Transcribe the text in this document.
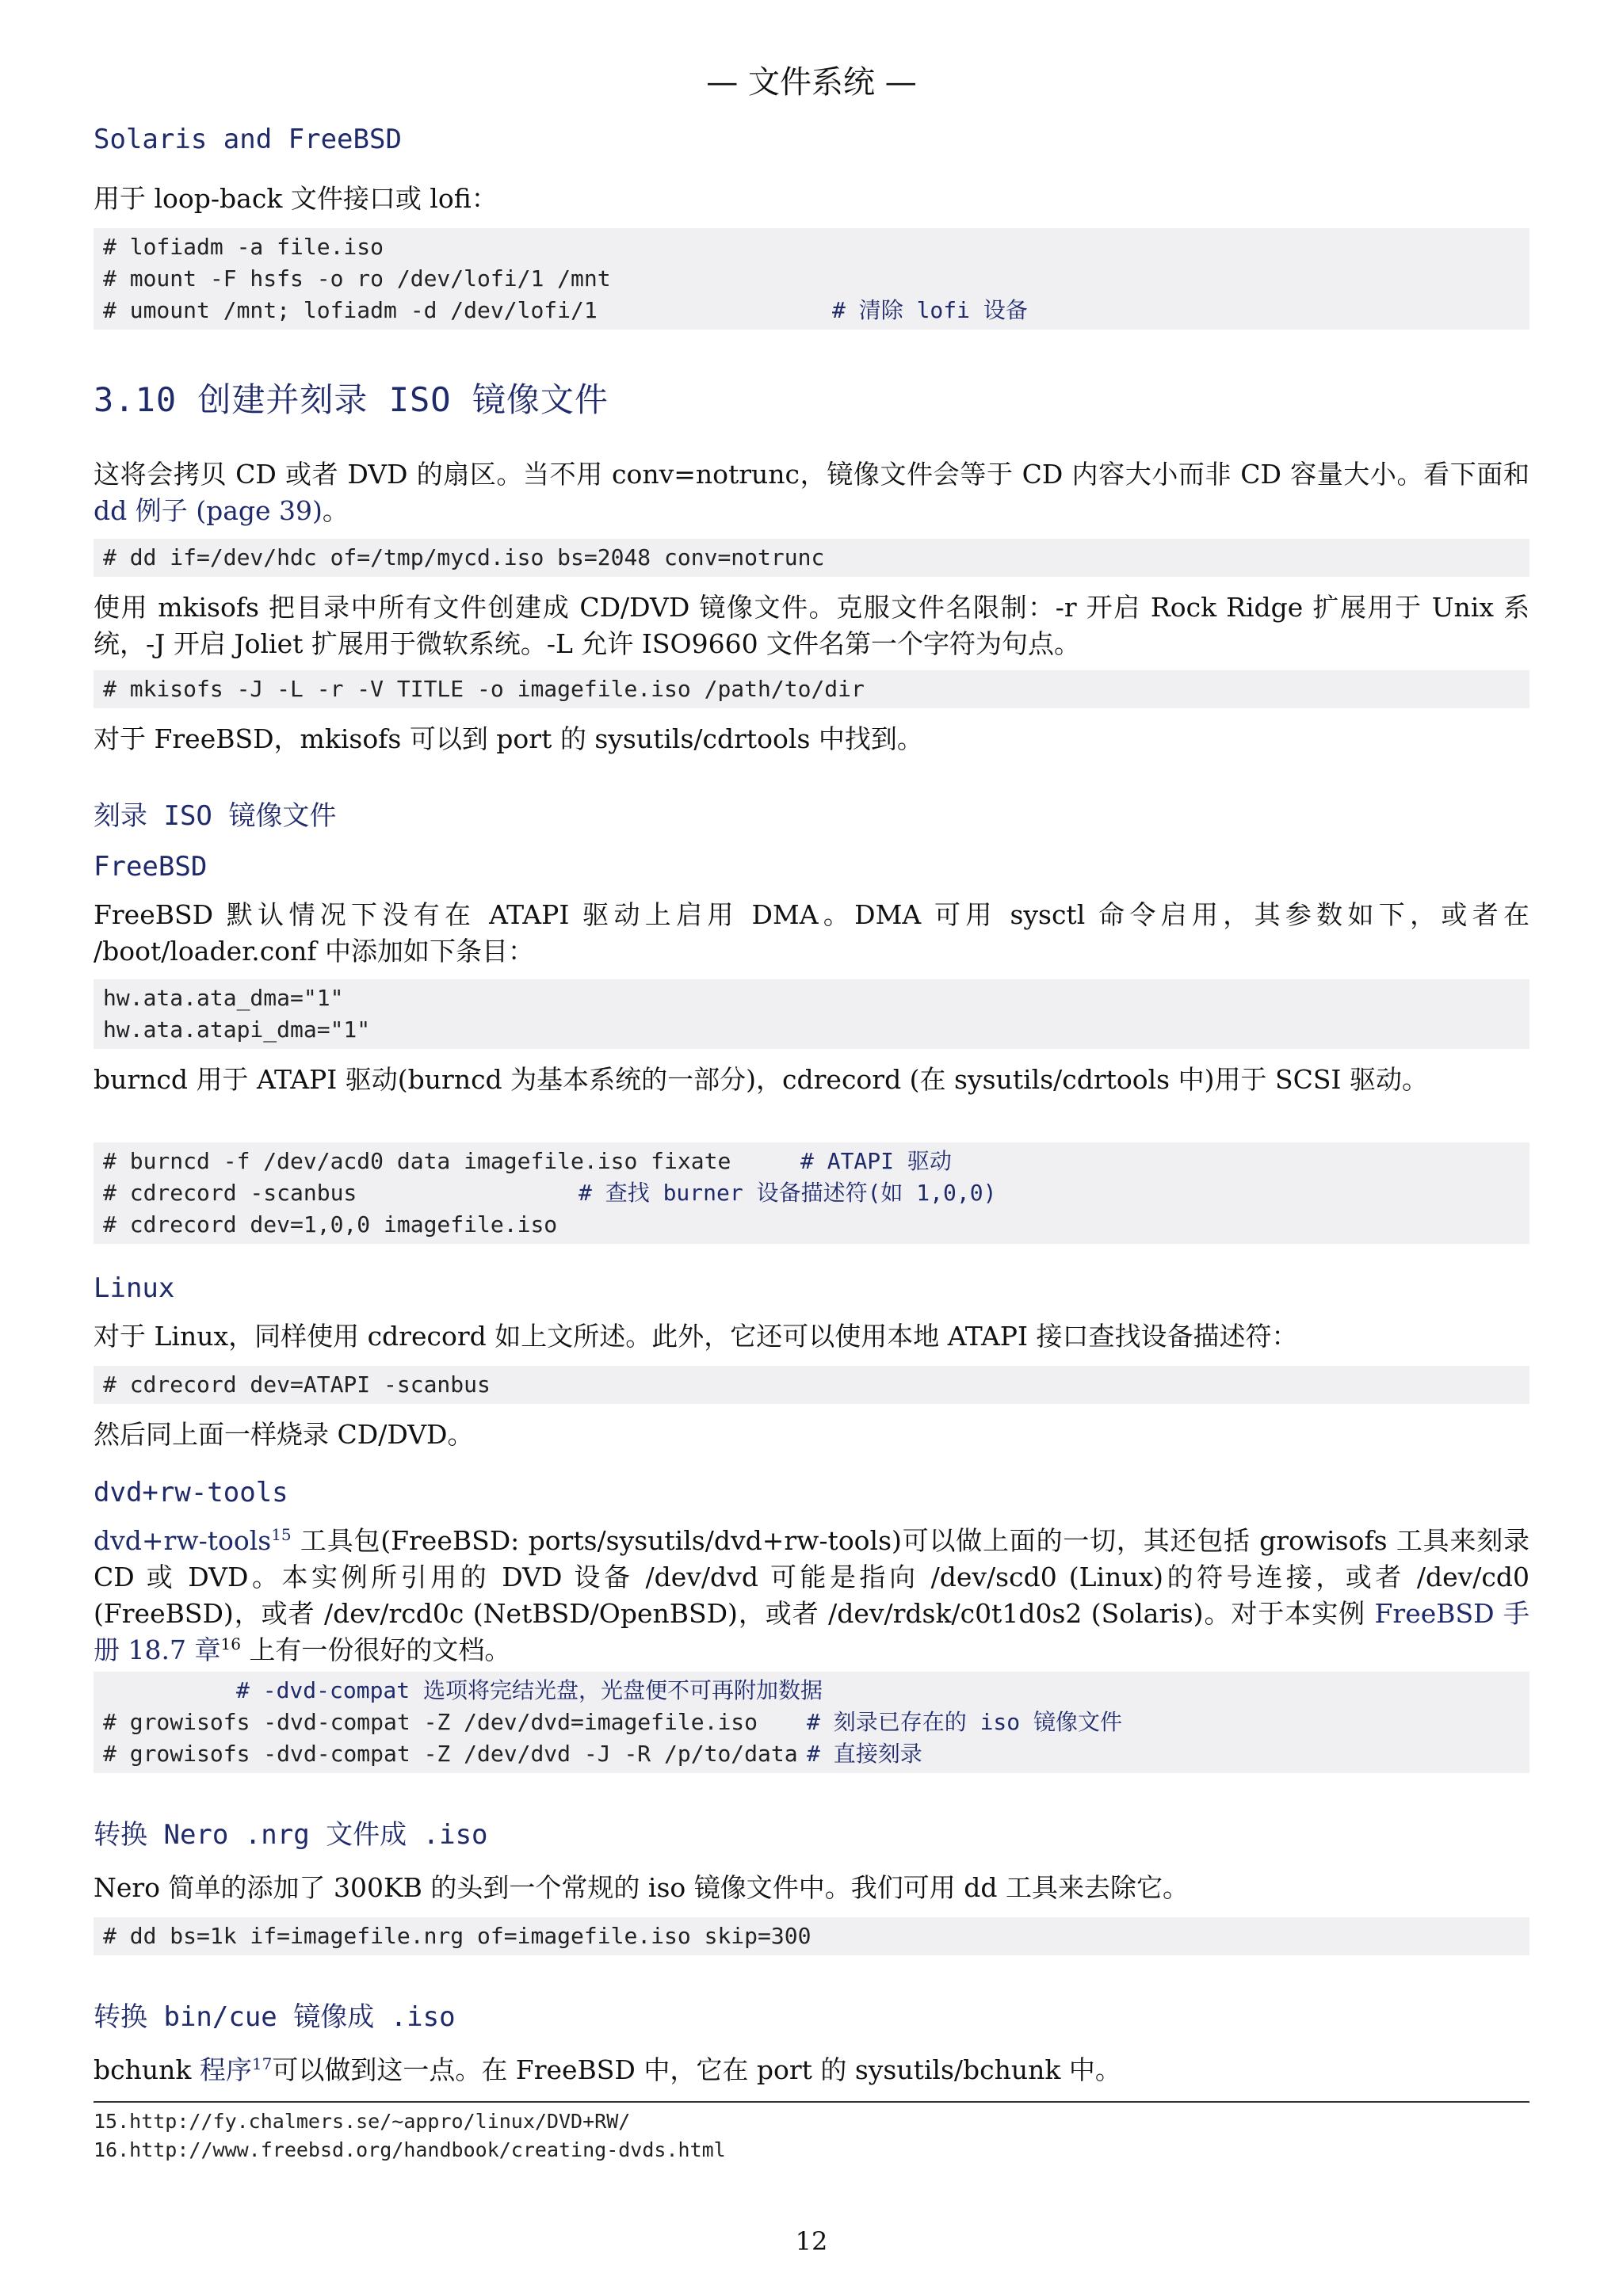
— 文件系统 —
Solaris and FreeBSD
用于 loop-back 文件接口或 lofi：
# lofiadm -a file.iso
# mount -F hsfs -o ro /dev/lofi/1 /mnt
# umount /mnt; lofiadm -d /dev/lofi/1	# 清除 lofi 设备
3.10 创建并刻录 ISO 镜像文件
这将会拷贝 CD 或者 DVD 的扇区。当不用 conv=notrunc，镜像文件会等于 CD 内容大小而非 CD 容量大小。看下面和 dd 例子 (page 39)。
# dd if=/dev/hdc of=/tmp/mycd.iso bs=2048 conv=notrunc
使用 mkisofs 把目录中所有文件创建成 CD/DVD 镜像文件。克服文件名限制：-r 开启 Rock Ridge 扩展用于 Unix 系统，-J 开启 Joliet 扩展用于微软系统。-L 允许 ISO9660 文件名第一个字符为句点。
# mkisofs -J -L -r -V TITLE -o imagefile.iso /path/to/dir
对于 FreeBSD，mkisofs 可以到 port 的 sysutils/cdrtools 中找到。
刻录 ISO 镜像文件
FreeBSD
FreeBSD 默认情况下没有在 ATAPI 驱动上启用 DMA。DMA 可用 sysctl 命令启用，其参数如下，或者在 /boot/loader.conf 中添加如下条目：
hw.ata.ata_dma="1"
hw.ata.atapi_dma="1"
burncd 用于 ATAPI 驱动(burncd 为基本系统的一部分)，cdrecord (在 sysutils/cdrtools 中)用于 SCSI 驱动。
# burncd -f /dev/acd0 data imagefile.iso fixate	# ATAPI 驱动
# cdrecord -scanbus	# 查找 burner 设备描述符(如 1,0,0)
# cdrecord dev=1,0,0 imagefile.iso
Linux
对于 Linux，同样使用 cdrecord 如上文所述。此外，它还可以使用本地 ATAPI 接口查找设备描述符：
# cdrecord dev=ATAPI -scanbus
然后同上面一样烧录 CD/DVD。
dvd+rw-tools
dvd+rw-tools$^{15}$ 工具包(FreeBSD: ports/sysutils/dvd+rw-tools)可以做上面的一切，其还包括 growisofs 工具来刻录 CD 或 DVD。本实例所引用的 DVD 设备 /dev/dvd 可能是指向 /dev/scd0 (Linux)的符号连接，或者 /dev/cd0 (FreeBSD)，或者 /dev/rcd0c (NetBSD/OpenBSD)，或者 /dev/rdsk/c0t1d0s2 (Solaris)。对于本实例 FreeBSD 手册 18.7 章$^{16}$ 上有一份很好的文档。
# -dvd-compat 选项将完结光盘，光盘便不可再附加数据
# growisofs -dvd-compat -Z /dev/dvd=imagefile.iso # 刻录已存在的 iso 镜像文件
# growisofs -dvd-compat -Z /dev/dvd -J -R /p/to/data # 直接刻录
转换 Nero .nrg 文件成 .iso
Nero 简单的添加了 300KB 的头到一个常规的 iso 镜像文件中。我们可用 dd 工具来去除它。
# dd bs=1k if=imagefile.nrg of=imagefile.iso skip=300
转换 bin/cue 镜像成 .iso
bchunk 程序$^{17}$可以做到这一点。在 FreeBSD 中，它在 port 的 sysutils/bchunk 中。
15.http://fy.chalmers.se/~appro/linux/DVD+RW/
16.http://www.freebsd.org/handbook/creating-dvds.html
12
